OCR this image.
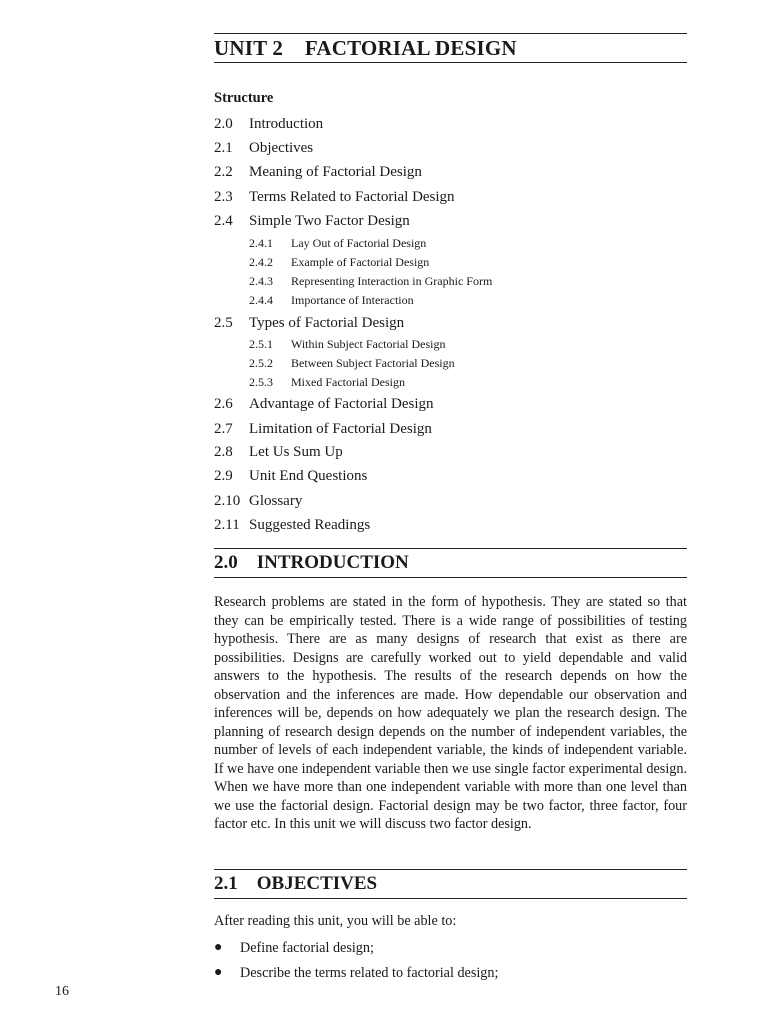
UNIT 2    FACTORIAL DESIGN
Structure
2.0 Introduction
2.1 Objectives
2.2 Meaning of Factorial Design
2.3 Terms Related to Factorial Design
2.4 Simple Two Factor Design
2.4.1 Lay Out of Factorial Design
2.4.2 Example of Factorial Design
2.4.3 Representing Interaction in Graphic Form
2.4.4 Importance of Interaction
2.5 Types of Factorial Design
2.5.1 Within Subject Factorial Design
2.5.2 Between Subject Factorial Design
2.5.3 Mixed Factorial Design
2.6 Advantage of Factorial Design
2.7 Limitation of Factorial Design
2.8 Let Us Sum Up
2.9 Unit End Questions
2.10 Glossary
2.11 Suggested Readings
2.0    INTRODUCTION

Research problems are stated in the form of hypothesis. They are stated so that they can be empirically tested. There is a wide range of possibilities of testing hypothesis. There are as many designs of research that exist as there are possibilities. Designs are carefully worked out to yield dependable and valid answers to the hypothesis. The results of the research depends on how the observation and the inferences are made. How dependable our observation and inferences will be, depends on how adequately we plan the research design. The planning of research design depends on the number of independent variables, the number of levels of each independent variable, the kinds of independent variable. If we have one independent variable then we use single factor experimental design. When we have more than one independent variable with more than one level than we use the factorial design. Factorial design may be two factor, three factor, four factor etc. In this unit we will discuss two factor design.

2.1    OBJECTIVES
After reading this unit, you will be able to:
● Define factorial design;
● Describe the terms related to factorial design;
16
